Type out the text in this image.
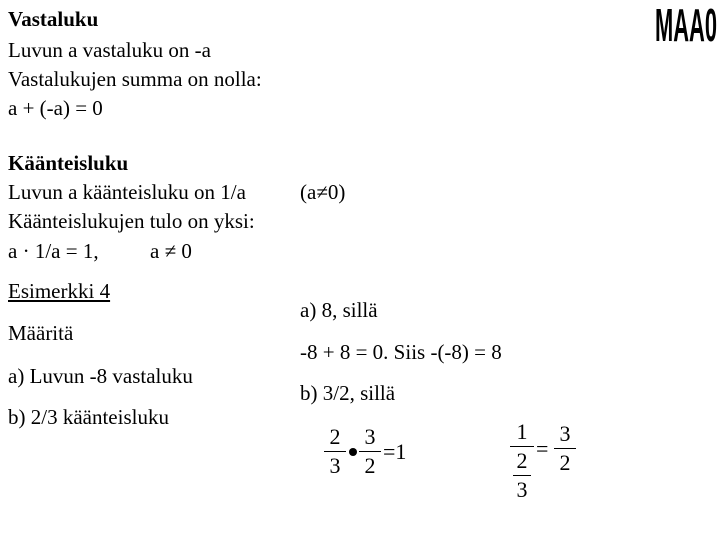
MAA0
Vastaluku
Luvun a vastaluku on -a
Vastalukujen summa on nolla:
a + (-a) = 0
Käänteisluku
Luvun a käänteisluku on 1/a	(a≠0)
Käänteislukujen tulo on yksi:
a · 1/a = 1, a ≠ 0
Esimerkki 4
Määritä
a) Luvun -8 vastaluku
b) 2/3 käänteisluku
a) 8, sillä
-8 + 8 = 0. Siis -(-8) = 8
b) 3/2, sillä
2
3
3
2
=1
1
2
3
=
3
2
